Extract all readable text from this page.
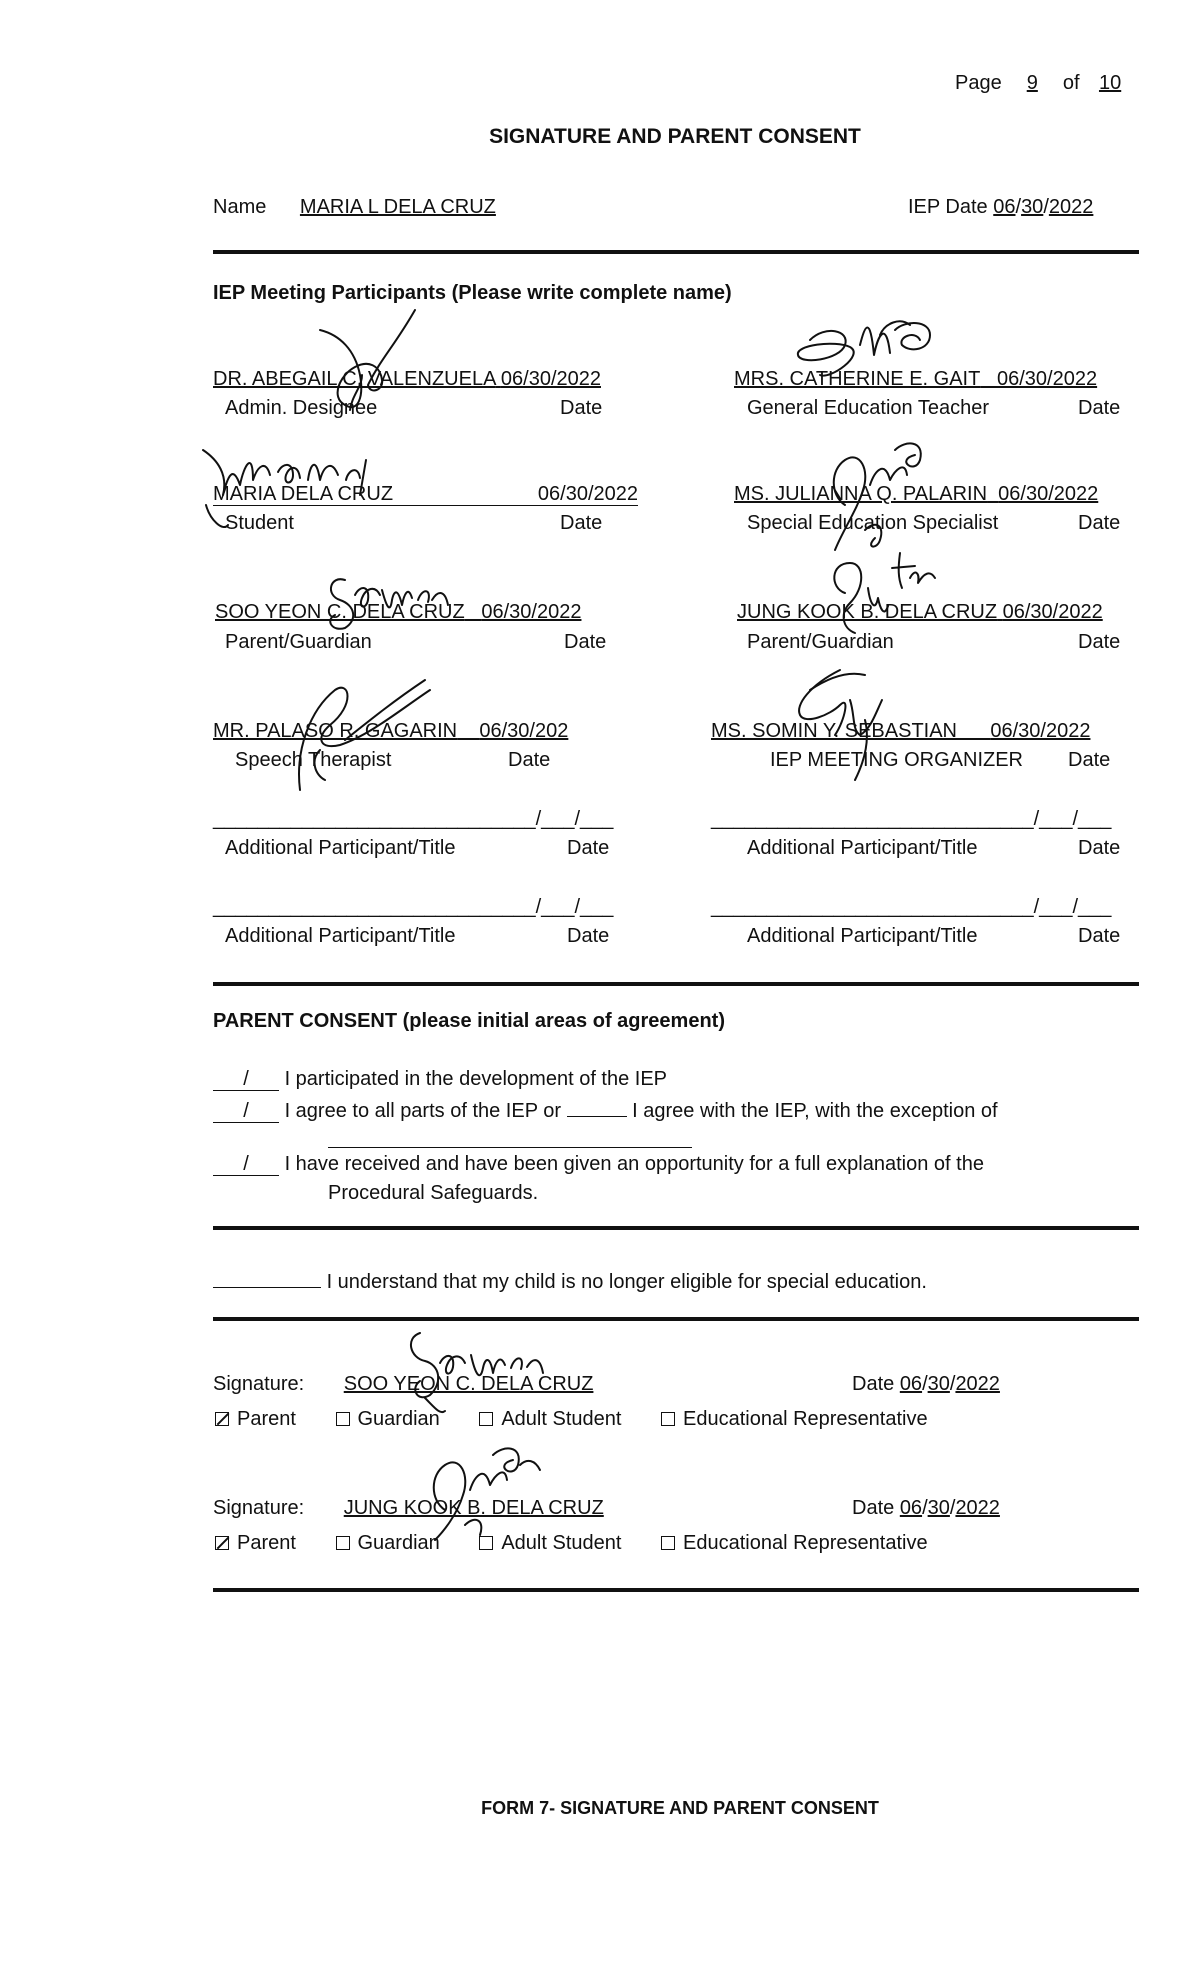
Page 9 of 10
SIGNATURE AND PARENT CONSENT
Name MARIA L DELA CRUZ	IEP Date 06/30/2022
IEP Meeting Participants (Please write complete name)
DR. ABEGAIL C. VALENZUELA 06/30/2022
Admin. Designee	Date
MRS. CATHERINE E. GAIT 06/30/2022
General Education Teacher	Date
MARIA DELA CRUZ	06/30/2022
Student	Date
MS. JULIANNA Q. PALARIN 06/30/2022
Special Education Specialist	Date
SOO YEON C. DELA CRUZ 06/30/2022
Parent/Guardian	Date
JUNG KOOK B. DELA CRUZ 06/30/2022
Parent/Guardian	Date
MR. PALASO R. GAGARIN 06/30/202
Speech Therapist	Date
MS. SOMIN Y. SEBASTIAN 06/30/2022
IEP MEETING ORGANIZER Date
_____________________________/___/___
Additional Participant/Title	Date
_____________________________/___/___
Additional Participant/Title	Date
_____________________________/___/___
Additional Participant/Title	Date
_____________________________/___/___
Additional Participant/Title	Date
PARENT CONSENT (please initial areas of agreement)
/ I participated in the development of the IEP
/ I agree to all parts of the IEP or	I agree with the IEP, with the exception of
/ I have received and have been given an opportunity for a full explanation of the
Procedural Safeguards.
I understand that my child is no longer eligible for special education.
Signature: SOO YEON C. DELA CRUZ	Date 06/30/2022
Parent	Guardian	Adult Student	Educational Representative
Signature: JUNG KOOK B. DELA CRUZ	Date 06/30/2022
Parent	Guardian	Adult Student	Educational Representative
FORM 7- SIGNATURE AND PARENT CONSENT
